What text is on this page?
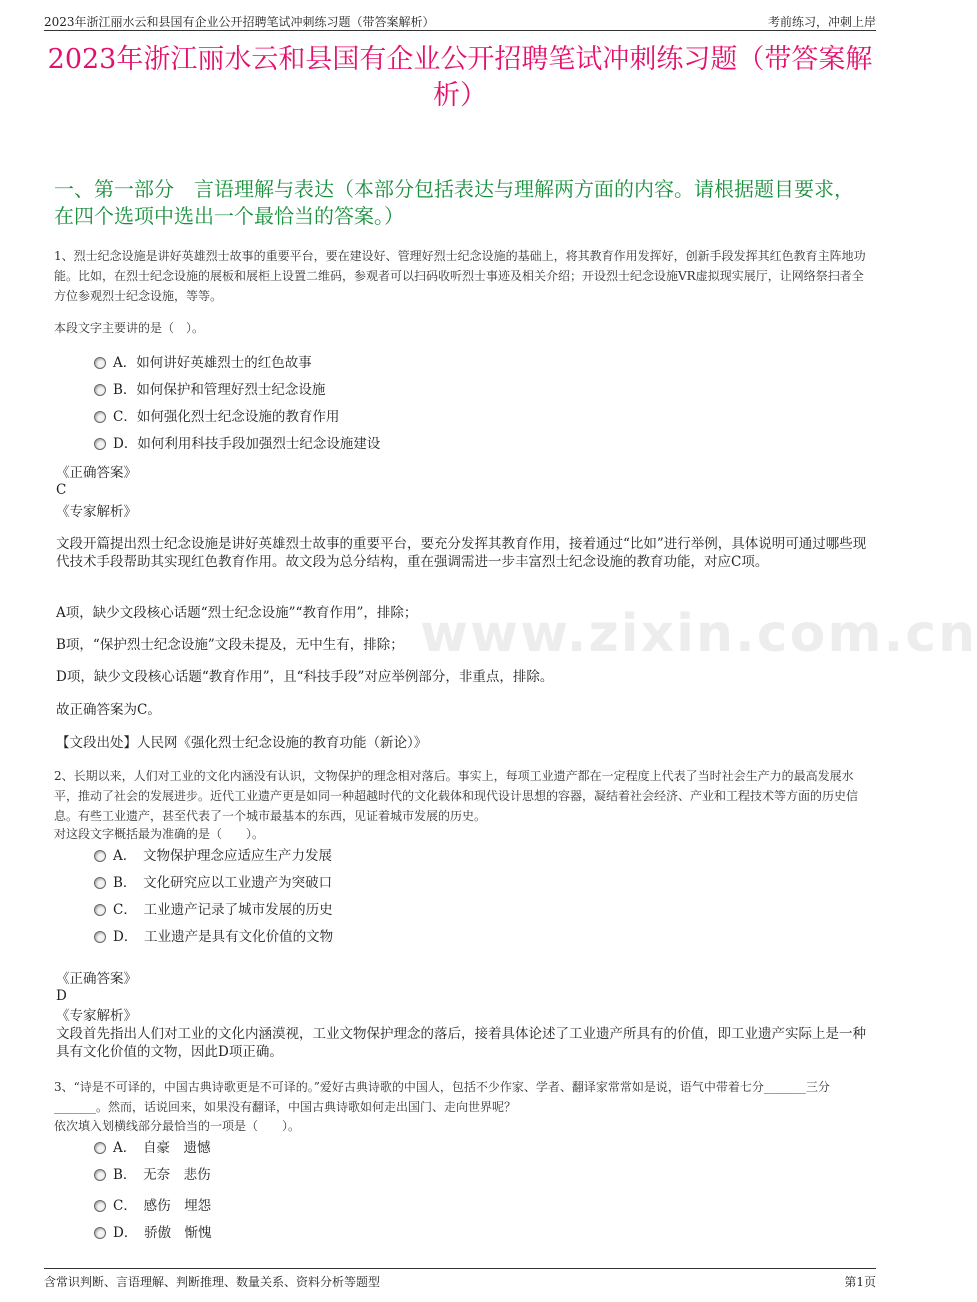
2023年浙江丽水云和县国有企业公开招聘笔试冲刺练习题（带答案解析）	考前练习，冲刺上岸
2023年浙江丽水云和县国有企业公开招聘笔试冲刺练习题（带答案解析）
一、第一部分　言语理解与表达（本部分包括表达与理解两方面的内容。请根据题目要求，在四个选项中选出一个最恰当的答案。）
www.zixin.com.cn
1、烈士纪念设施是讲好英雄烈士故事的重要平台，要在建设好、管理好烈士纪念设施的基础上，将其教育作用发挥好，创新手段发挥其红色教育主阵地功能。比如，在烈士纪念设施的展板和展柜上设置二维码，参观者可以扫码收听烈士事迹及相关介绍；开设烈士纪念设施VR虚拟现实展厅，让网络祭扫者全方位参观烈士纪念设施，等等。
本段文字主要讲的是（　）。
A．如何讲好英雄烈士的红色故事
B．如何保护和管理好烈士纪念设施
C．如何强化烈士纪念设施的教育作用
D．如何利用科技手段加强烈士纪念设施建设
《正确答案》
C
《专家解析》
文段开篇提出烈士纪念设施是讲好英雄烈士故事的重要平台，要充分发挥其教育作用，接着通过“比如”进行举例，具体说明可通过哪些现代技术手段帮助其实现红色教育作用。故文段为总分结构，重在强调需进一步丰富烈士纪念设施的教育功能，对应C项。
A项，缺少文段核心话题“烈士纪念设施”“教育作用”，排除；
B项，“保护烈士纪念设施”文段未提及，无中生有，排除；
D项，缺少文段核心话题“教育作用”，且“科技手段”对应举例部分，非重点，排除。
故正确答案为C。
【文段出处】人民网《强化烈士纪念设施的教育功能（新论）》
2、长期以来，人们对工业的文化内涵没有认识，文物保护的理念相对落后。事实上，每项工业遗产都在一定程度上代表了当时社会生产力的最高发展水平，推动了社会的发展进步。近代工业遗产更是如同一种超越时代的文化载体和现代设计思想的容器，凝结着社会经济、产业和工程技术等方面的历史信息。有些工业遗产，甚至代表了一个城市最基本的东西，见证着城市发展的历史。
对这段文字概括最为准确的是（　　）。
A．　文物保护理念应适应生产力发展
B．　文化研究应以工业遗产为突破口
C．　工业遗产记录了城市发展的历史
D．　工业遗产是具有文化价值的文物
《正确答案》
D
《专家解析》
文段首先指出人们对工业的文化内涵漠视，工业文物保护理念的落后，接着具体论述了工业遗产所具有的价值，即工业遗产实际上是一种具有文化价值的文物，因此D项正确。
3、“诗是不可译的，中国古典诗歌更是不可译的。”爱好古典诗歌的中国人，包括不少作家、学者、翻译家常常如是说，语气中带着七分_______三分_______。然而，话说回来，如果没有翻译，中国古典诗歌如何走出国门、走向世界呢？
依次填入划横线部分最恰当的一项是（　　）。
A．　自豪　遗憾
B．　无奈　悲伤
C．　感伤　埋怨
D．　骄傲　惭愧
含常识判断、言语理解、判断推理、数量关系、资料分析等题型	第1页
